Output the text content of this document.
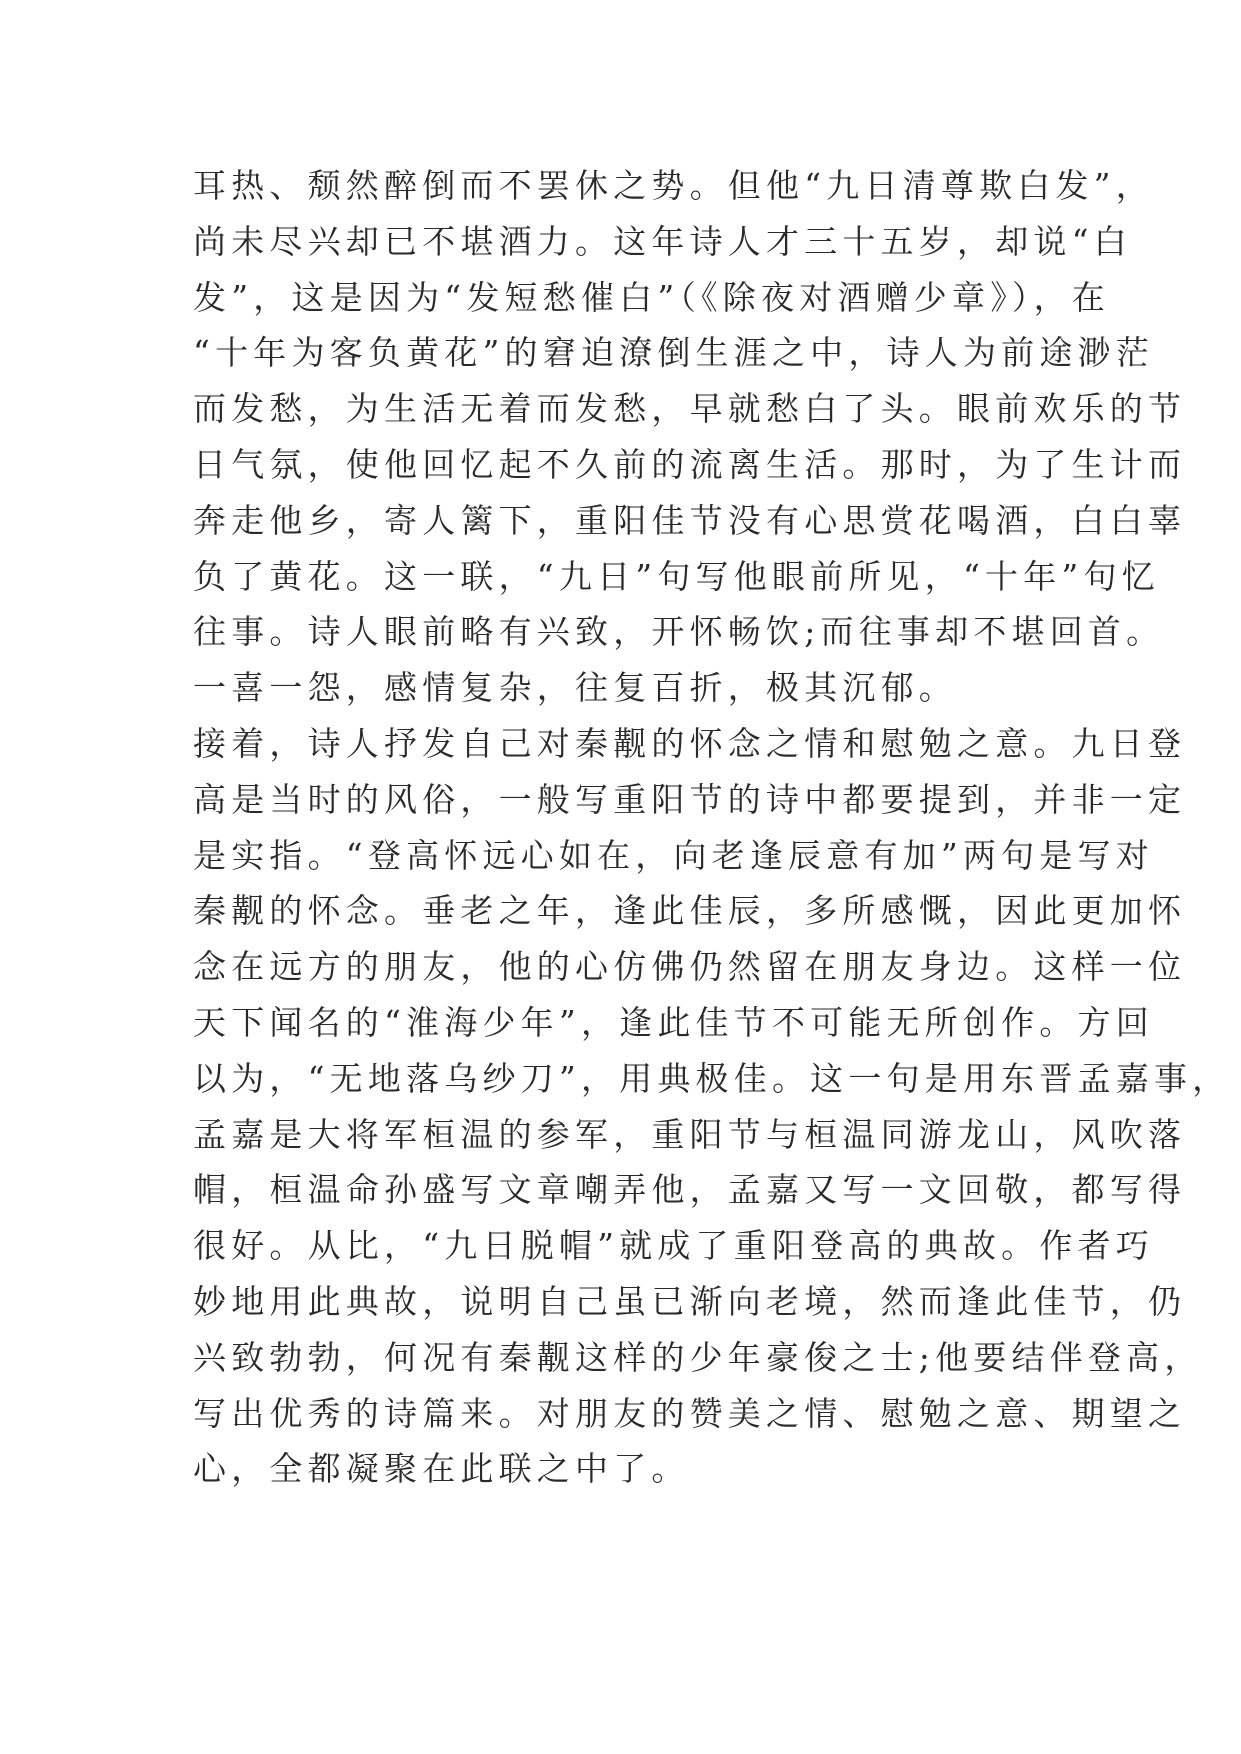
耳热、颓然醉倒而不罢休之势。但他“九日清尊欺白发”，

尚未尽兴却已不堪酒力。这年诗人才三十五岁，却说“白

发”，这是因为“发短愁催白”（《除夜对酒赠少章》），在

“十年为客负黄花”的窘迫潦倒生涯之中，诗人为前途渺茫

而发愁，为生活无着而发愁，早就愁白了头。眼前欢乐的节

日气氛，使他回忆起不久前的流离生活。那时，为了生计而

奔走他乡，寄人篱下，重阳佳节没有心思赏花喝酒，白白辜

负了黄花。这一联，“九日”句写他眼前所见，“十年”句忆

往事。诗人眼前略有兴致，开怀畅饮;而往事却不堪回首。

一喜一怨，感情复杂，往复百折，极其沉郁。

接着，诗人抒发自己对秦觏的怀念之情和慰勉之意。九日登

高是当时的风俗，一般写重阳节的诗中都要提到，并非一定

是实指。“登高怀远心如在，向老逢辰意有加”两句是写对

秦觏的怀念。垂老之年，逢此佳辰，多所感慨，因此更加怀

念在远方的朋友，他的心仿佛仍然留在朋友身边。这样一位

天下闻名的“淮海少年”，逢此佳节不可能无所创作。方回

以为，“无地落乌纱刀”，用典极佳。这一句是用东晋孟嘉事，

孟嘉是大将军桓温的参军，重阳节与桓温同游龙山，风吹落

帽，桓温命孙盛写文章嘲弄他，孟嘉又写一文回敬，都写得

很好。从比，“九日脱帽”就成了重阳登高的典故。作者巧

妙地用此典故，说明自己虽已渐向老境，然而逢此佳节，仍

兴致勃勃，何况有秦觏这样的少年豪俊之士;他要结伴登高，

写出优秀的诗篇来。对朋友的赞美之情、慰勉之意、期望之

心，全都凝聚在此联之中了。
